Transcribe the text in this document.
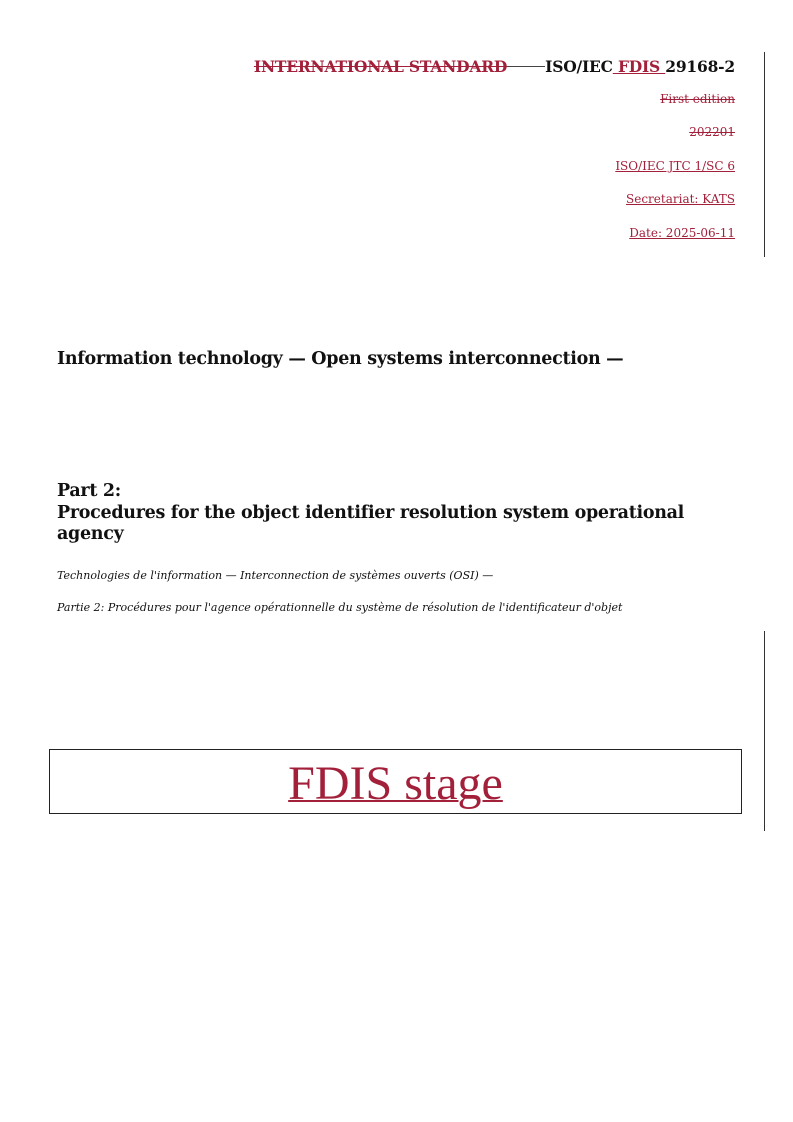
INTERNATIONAL STANDARD ISO/IEC FDIS 29168-2
First edition
202201
ISO/IEC JTC 1/SC 6
Secretariat: KATS
Date: 2025-06-11
Information technology — Open systems interconnection —
Part 2:
Procedures for the object identifier resolution system operational agency
Technologies de l'information — Interconnection de systèmes ouverts (OSI) —
Partie 2: Procédures pour l'agence opérationnelle du système de résolution de l'identificateur d'objet
FDIS stage
